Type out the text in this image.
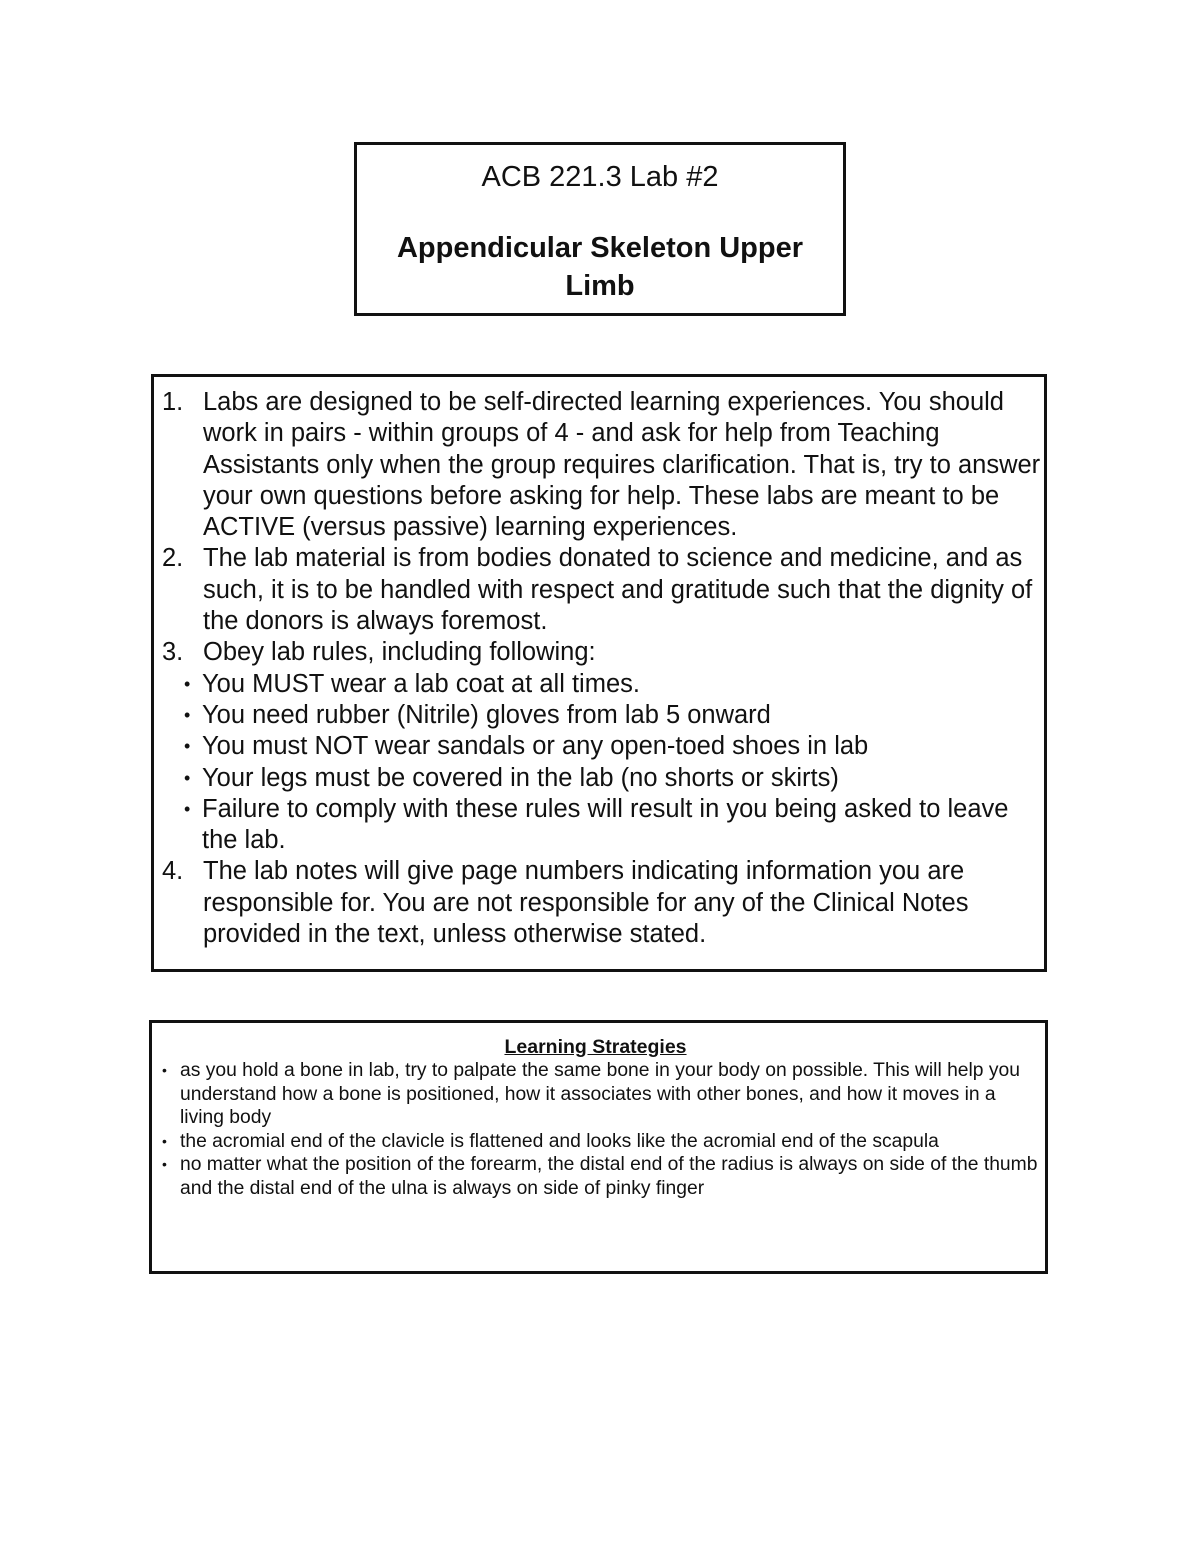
ACB 221.3 Lab #2
Appendicular Skeleton Upper Limb
1. Labs are designed to be self-directed learning experiences. You should work in pairs - within groups of 4 - and ask for help from Teaching Assistants only when the group requires clarification. That is, try to answer your own questions before asking for help. These labs are meant to be ACTIVE (versus passive) learning experiences.
2. The lab material is from bodies donated to science and medicine, and as such, it is to be handled with respect and gratitude such that the dignity of the donors is always foremost.
3. Obey lab rules, including following:
• You MUST wear a lab coat at all times.
• You need rubber (Nitrile) gloves from lab 5 onward
• You must NOT wear sandals or any open-toed shoes in lab
• Your legs must be covered in the lab (no shorts or skirts)
• Failure to comply with these rules will result in you being asked to leave the lab.
4. The lab notes will give page numbers indicating information you are responsible for. You are not responsible for any of the Clinical Notes provided in the text, unless otherwise stated.
Learning Strategies
• as you hold a bone in lab, try to palpate the same bone in your body on possible. This will help you understand how a bone is positioned, how it associates with other bones, and how it moves in a living body
• the acromial end of the clavicle is flattened and looks like the acromial end of the scapula
• no matter what the position of the forearm, the distal end of the radius is always on side of the thumb and the distal end of the ulna is always on side of pinky finger
